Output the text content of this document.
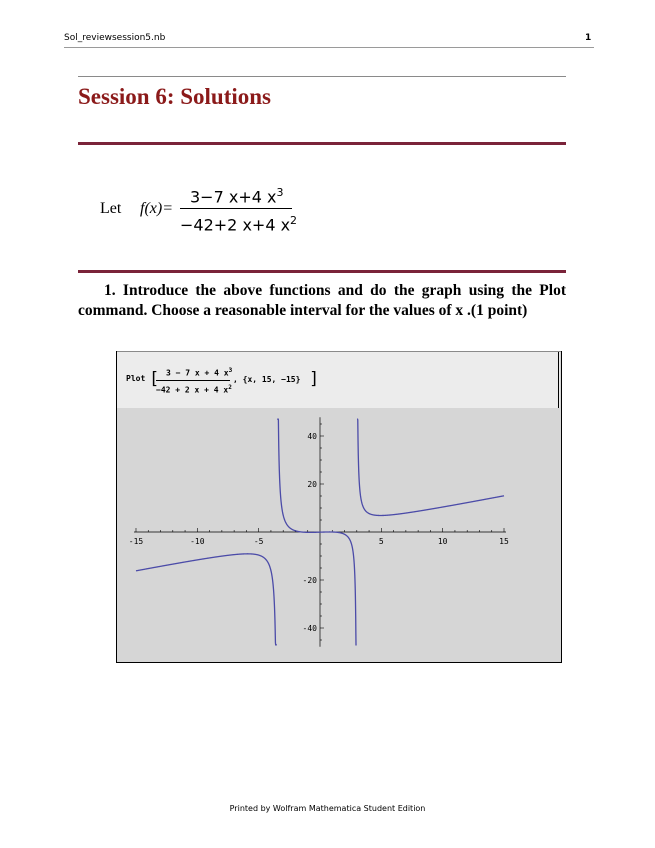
Sol_reviewsession5.nb	1
Session 6: Solutions
Let f(x)=
3−7 x+4 $x^3$
−42+2 x+4 $x^2$

1. Introduce the above functions and do the graph using the Plot command. Choose a reasonable interval for the values of x .(1 point)

Plot [ 3 − 7 x + 4 $x^3$
−42 + 2 x + 4 $x^2$
, {x, 15, −15} ]
-15	-10	-5	5	10	15
-40
-20
20
40
Printed by Wolfram Mathematica Student Edition
